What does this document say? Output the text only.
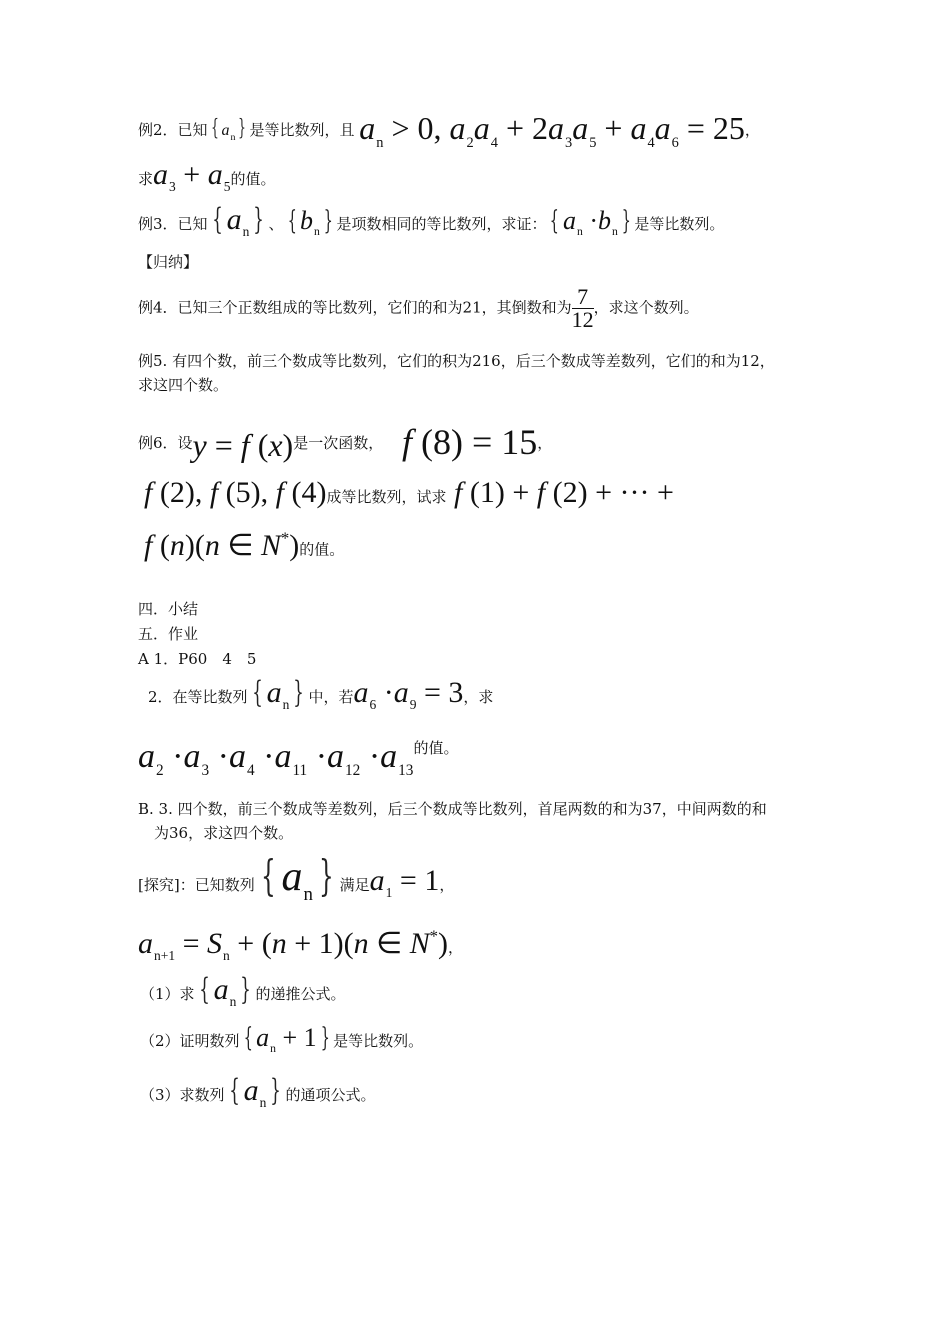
例2．已知 { $a_n$ } 是等比数列，且 $a_n > 0$, $a_2a_4 + 2a_3a_5 + a_4a_6 = 25$，
求$a_3 + a_5$的值。
例3．已知 { $a_n$ } 、 { $b_n$ } 是项数相同的等比数列，求证： { $a_n \cdot b_n$ } 是等比数列。
【归纳】
例4．已知三个正数组成的等比数列，它们的和为21，其倒数和为 $\frac{7}{12}$ ，求这个数列。
例5. 有四个数，前三个数成等比数列，它们的积为216，后三个数成等差数列，它们的和为12，
求这四个数。
例6．设y = f (x)是一次函数， f (8) = 15，
f (2), f (5), f (4)成等比数列，试求 f (1) + f (2) + ··· +
f (n)(n ∈ N*)的值。
四．小结
五．作业
A 1．P60　4　5
2．在等比数列 { $a_n$ } 中，若$a_6 \cdot a_9 = 3$，求
$a_2 \cdot a_3 \cdot a_4 \cdot a_{11} \cdot a_{12} \cdot a_{13}$的值。
B. 3. 四个数，前三个数成等差数列，后三个数成等比数列，首尾两数的和为37，中间两数的和
为36，求这四个数。
[探究]：已知数列 { $a_n$ } 满足$a_1 = 1$，
$a_{n+1} = S_n + (n + 1)(n$ ∈ N*)，
（1）求 { $a_n$ } 的递推公式。
（2）证明数列 { $a_n + 1$ } 是等比数列。
（3）求数列 { $a_n$ } 的通项公式。
